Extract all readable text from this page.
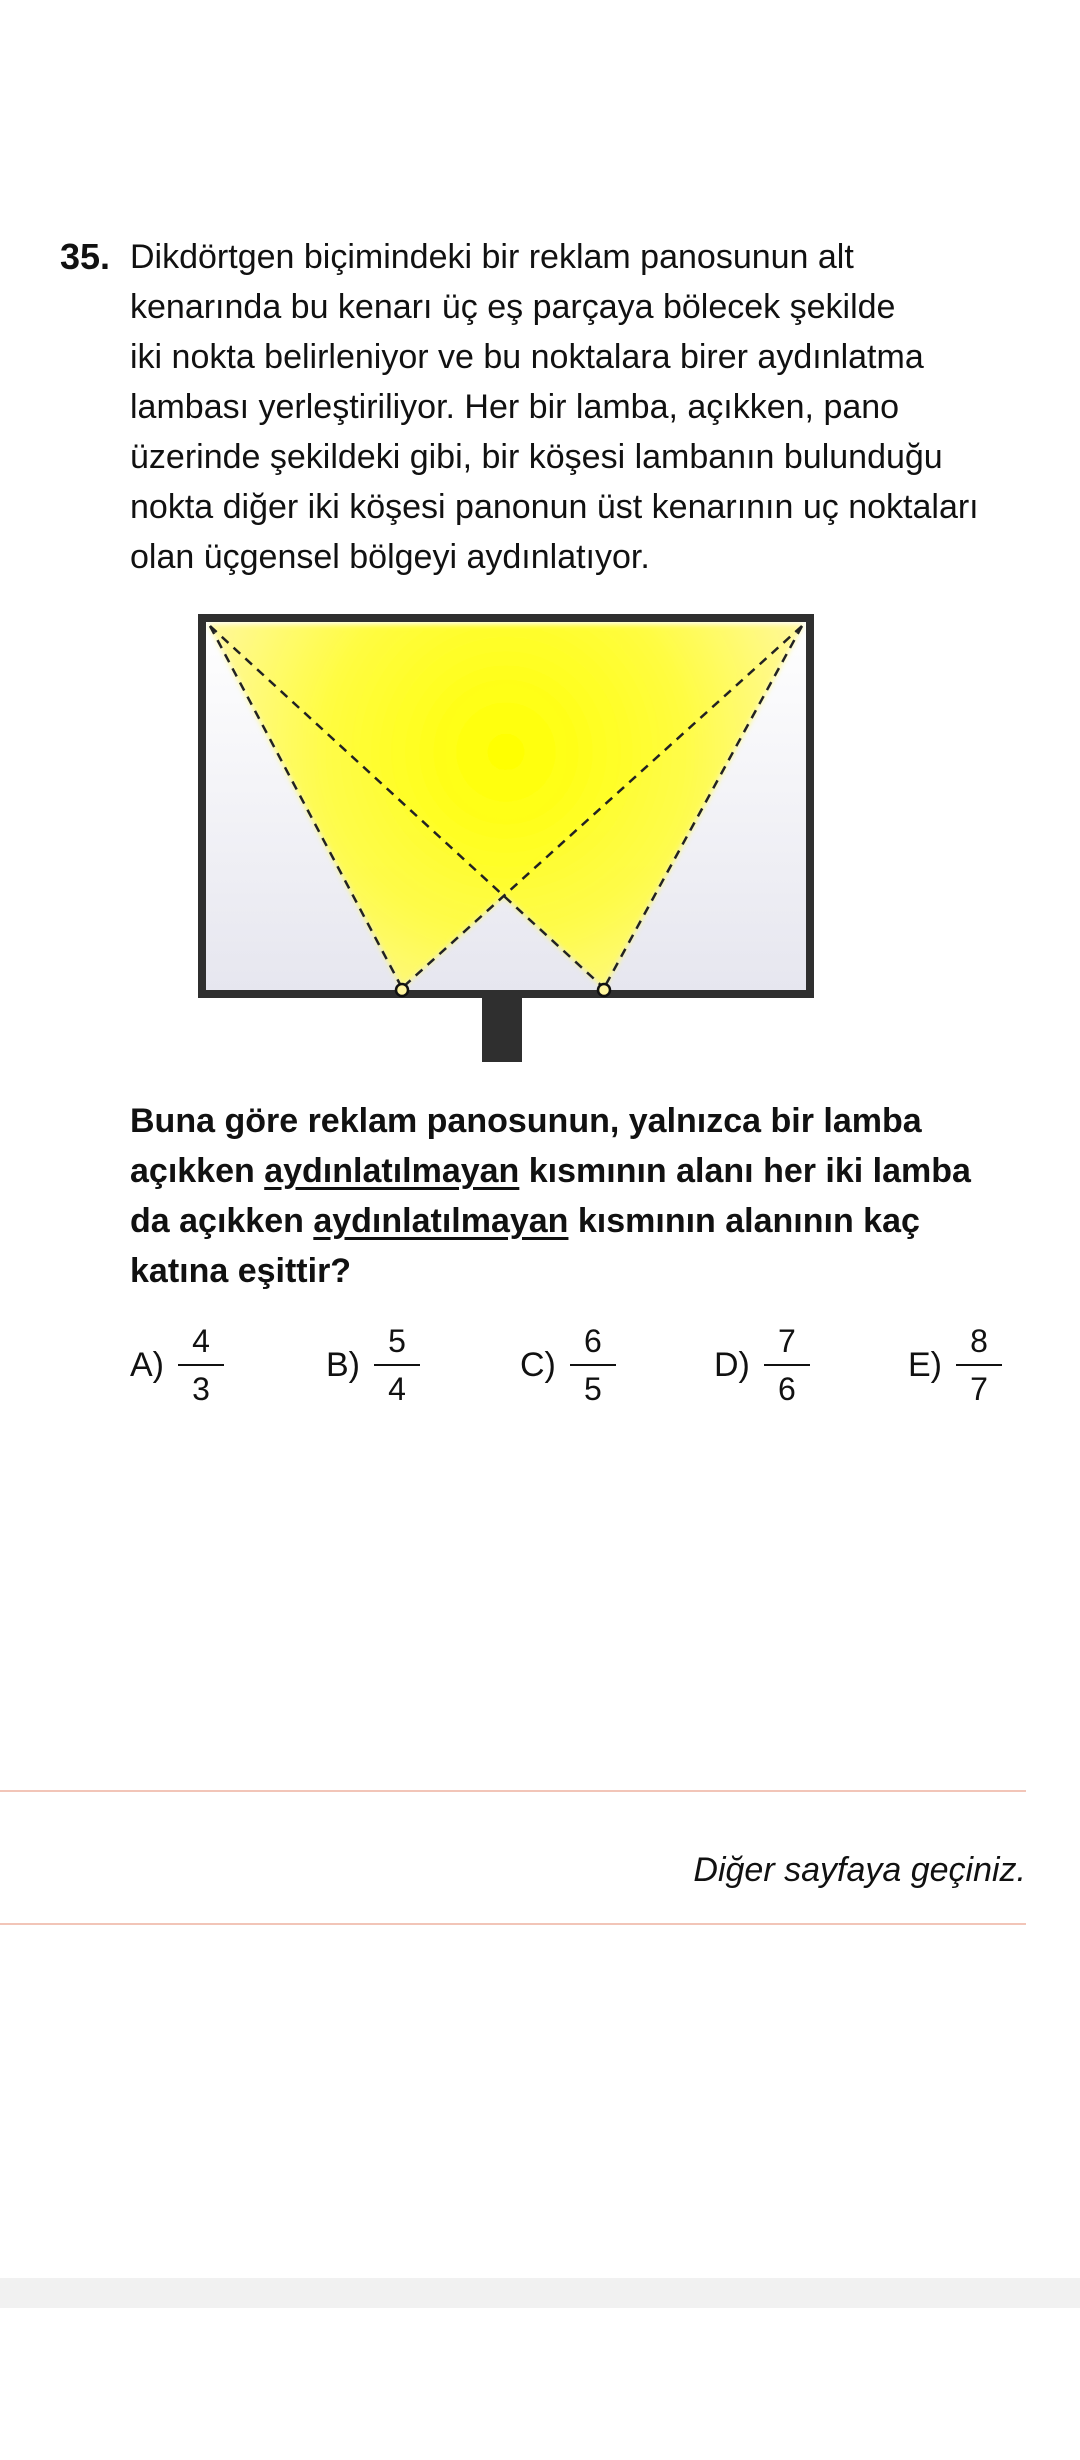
35. Dikdörtgen biçimindeki bir reklam panosunun alt
kenarında bu kenarı üç eş parçaya bölecek şekilde
iki nokta belirleniyor ve bu noktalara birer aydınlatma
lambası yerleştiriliyor. Her bir lamba, açıkken, pano
üzerinde şekildeki gibi, bir köşesi lambanın bulunduğu
nokta diğer iki köşesi panonun üst kenarının uç noktaları
olan üçgensel bölgeyi aydınlatıyor.
Buna göre reklam panosunun, yalnızca bir lamba
açıkken aydınlatılmayan kısmının alanı her iki lamba
da açıkken aydınlatılmayan kısmının alanının kaç
katına eşittir?
$A) \frac{4}{3}$	$B) \frac{5}{4}$	$C) \frac{6}{5}$	$D) \frac{7}{6}$	$E) \frac{8}{7}$
Diğer sayfaya geçiniz.
